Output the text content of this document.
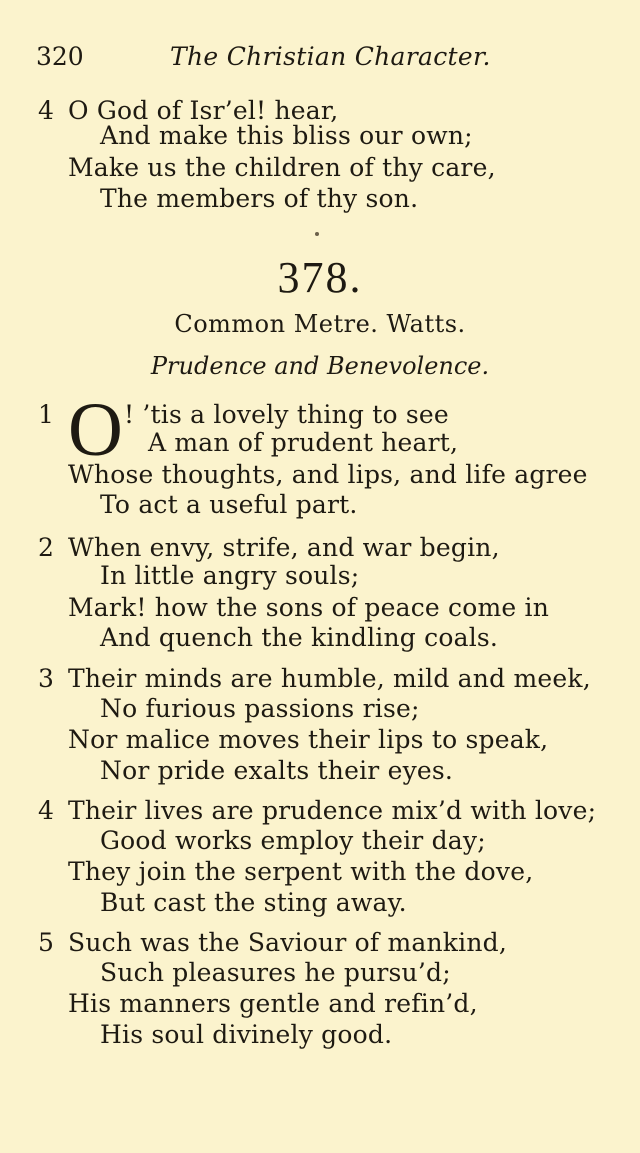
320	The Christian Character.
4 O God of Isr’el! hear,
And make this bliss our own;
Make us the children of thy care,
The members of thy son.
378.
Common Metre. Watts.
Prudence and Benevolence.
1 O ! ’tis a lovely thing to see
A man of prudent heart,
Whose thoughts, and lips, and life agree
To act a useful part.
2 When envy, strife, and war begin,
In little angry souls;
Mark! how the sons of peace come in
And quench the kindling coals.
3 Their minds are humble, mild and meek,
No furious passions rise;
Nor malice moves their lips to speak,
Nor pride exalts their eyes.
4 Their lives are prudence mix’d with love;
Good works employ their day;
They join the serpent with the dove,
But cast the sting away.
5 Such was the Saviour of mankind,
Such pleasures he pursu’d;
His manners gentle and refin’d,
His soul divinely good.
